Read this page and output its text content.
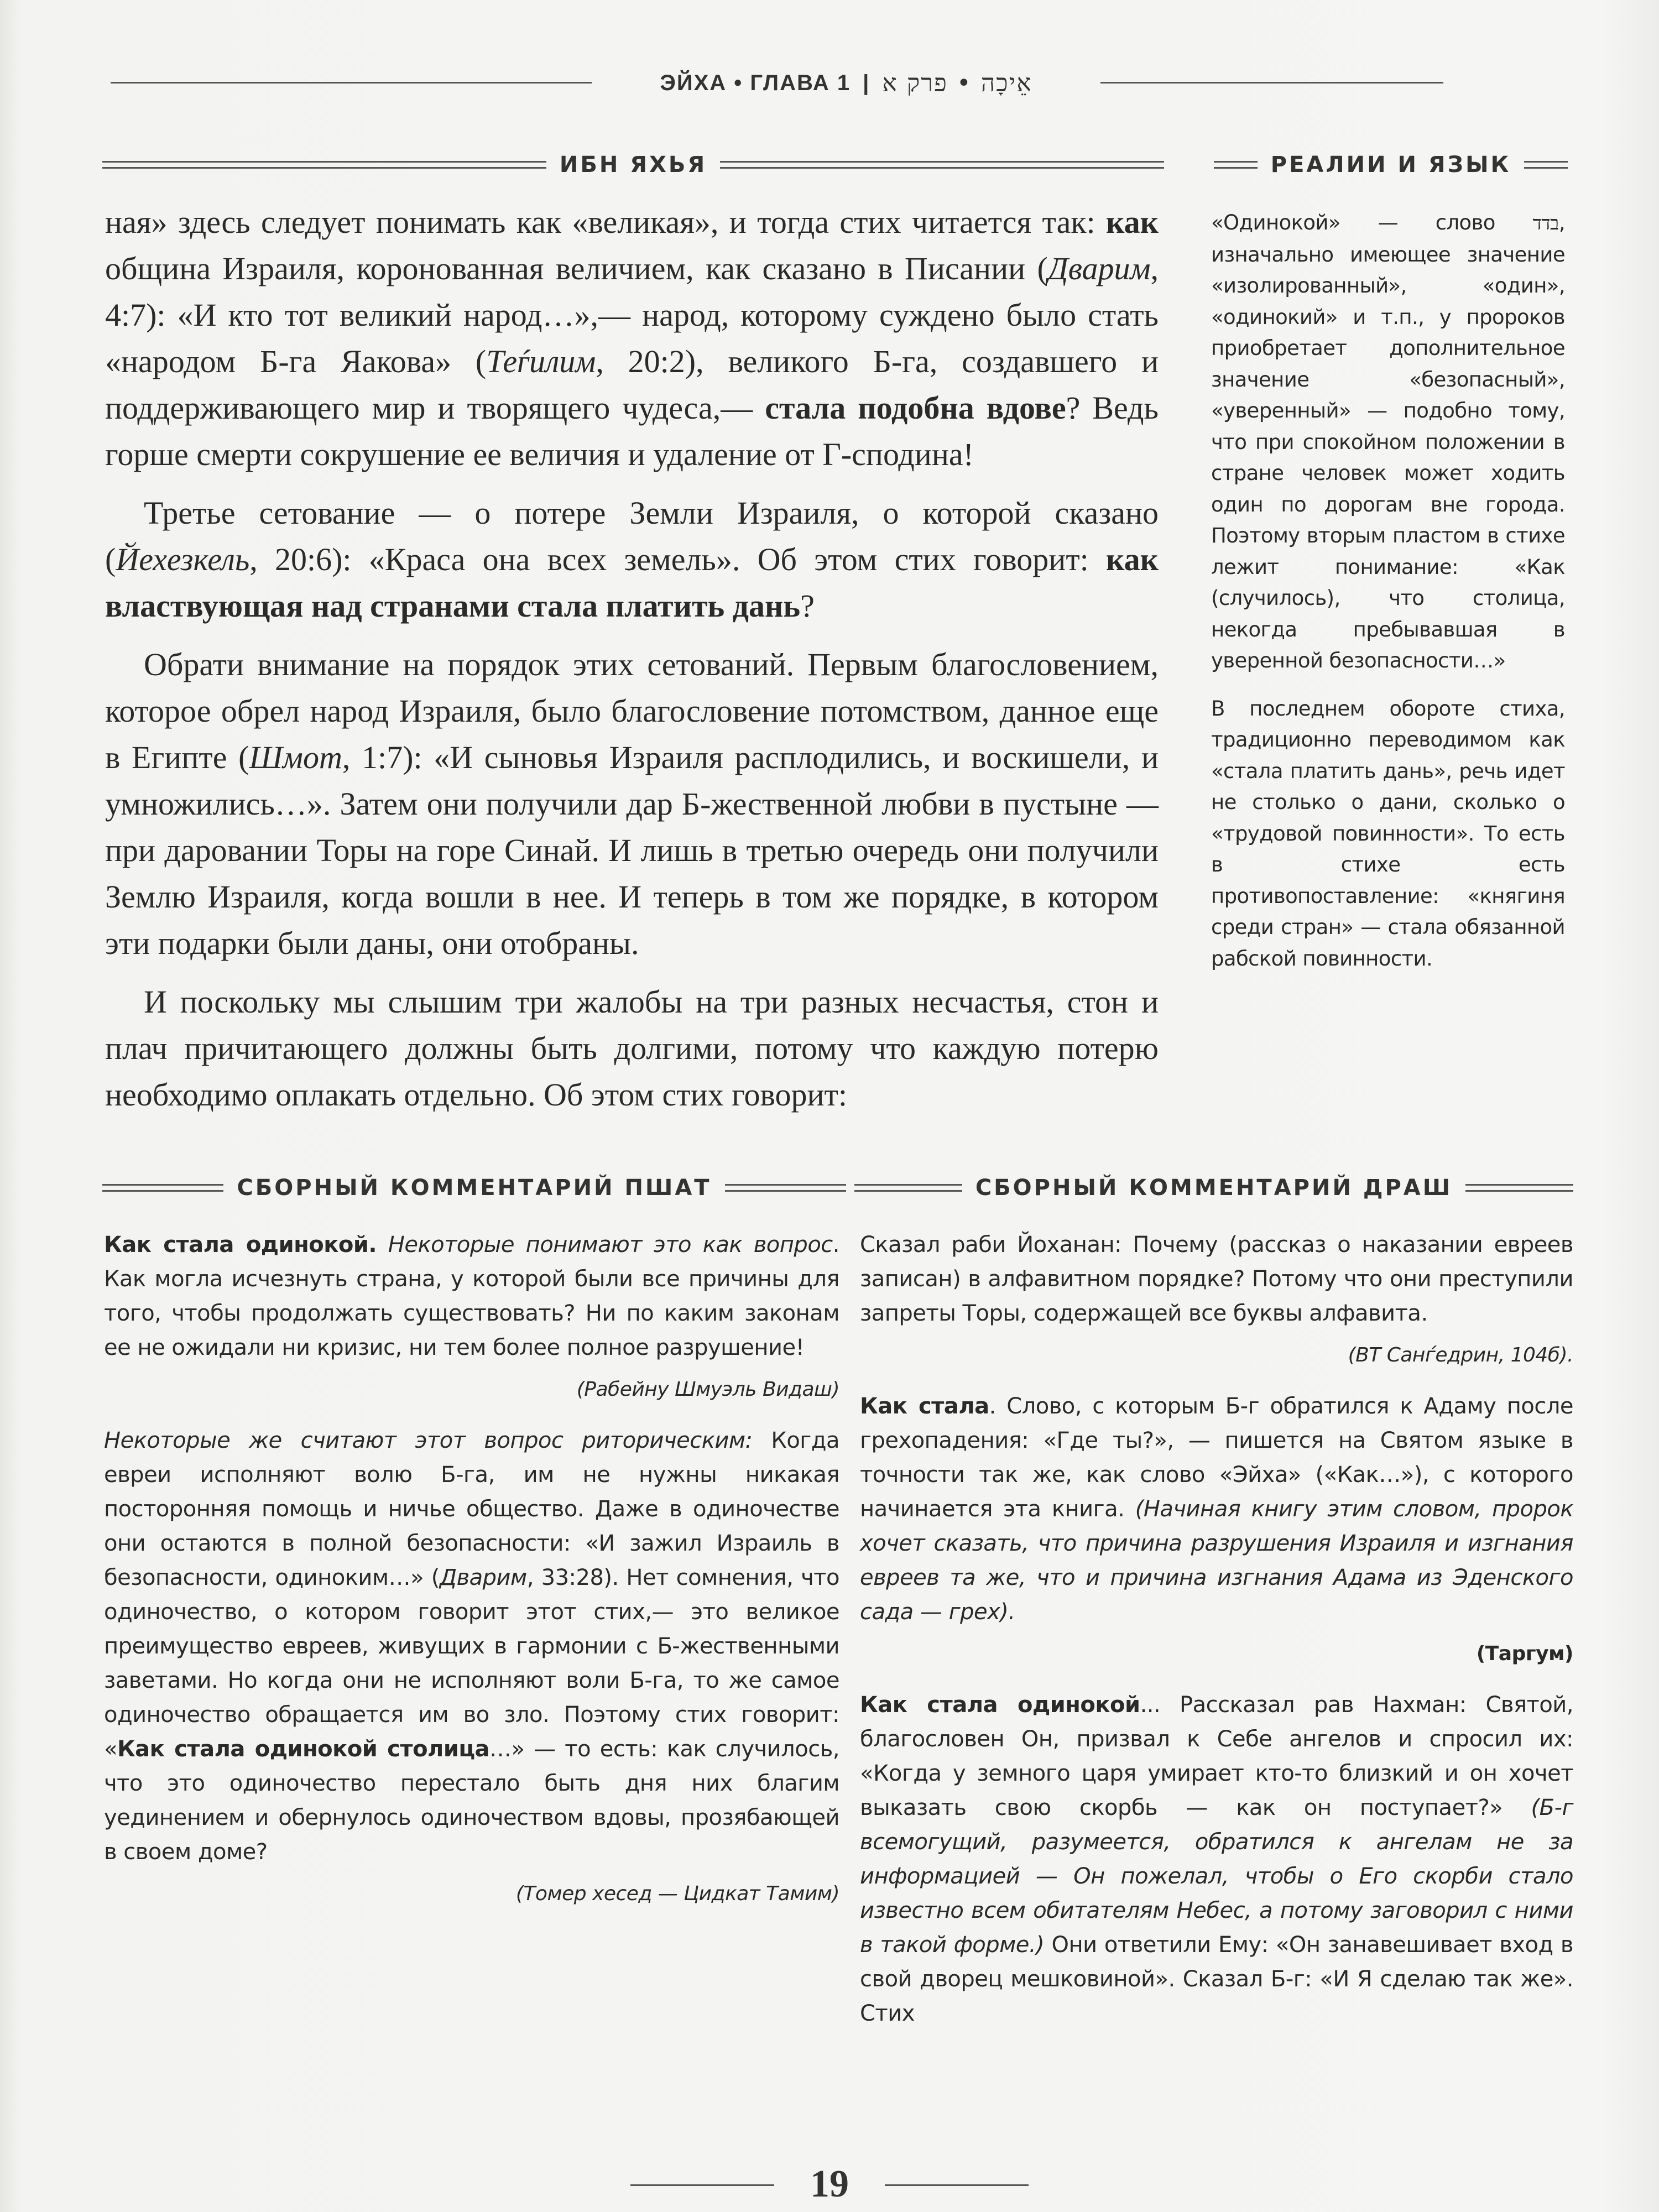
ЭЙХА • ГЛАВА 1 | אֵיכָה • פרק א
ИБН ЯХЬЯ	РЕАЛИИ И ЯЗЫК

ная» здесь следует понимать как «великая», и тогда стих читается так: как община Израиля, коронованная величием, как сказано в Писании (Дварим, 4:7): «И кто тот великий народ…»,— народ, которому суждено было стать «народом Б-га Яакова» (Теѓилим, 20:2), великого Б-га, создавшего и поддерживающего мир и творящего чудеса,— стала подобна вдове? Ведь горше смерти сокрушение ее величия и удаление от Г-сподина!

Третье сетование — о потере Земли Израиля, о которой сказано (Йехезкель, 20:6): «Краса она всех земель». Об этом стих говорит: как властвующая над странами стала платить дань?

Обрати внимание на порядок этих сетований. Первым благословением, которое обрел народ Израиля, было благословение потомством, данное еще в Египте (Шмот, 1:7): «И сыновья Израиля расплодились, и воскишели, и умножились…». Затем они получили дар Б-жественной любви в пустыне — при даровании Торы на горе Синай. И лишь в третью очередь они получили Землю Израиля, когда вошли в нее. И теперь в том же порядке, в котором эти подарки были даны, они отобраны.

И поскольку мы слышим три жалобы на три разных несчастья, стон и плач причитающего должны быть долгими, потому что каждую потерю необходимо оплакать отдельно. Об этом стих говорит:

«Одинокой» — слово בדד, изначально имеющее значение «изолированный», «один», «одинокий» и т.п., у пророков приобретает дополнительное значение «безопасный», «уверенный» — подобно тому, что при спокойном положении в стране человек может ходить один по дорогам вне города. Поэтому вторым пластом в стихе лежит понимание: «Как (случилось), что столица, некогда пребывавшая в уверенной безопасности…»

В последнем обороте стиха, традиционно переводимом как «стала платить дань», речь идет не столько о дани, сколько о «трудовой повинности». То есть в стихе есть противопоставление: «княгиня среди стран» — стала обязанной рабской повинности.

СБОРНЫЙ КОММЕНТАРИЙ ПШАТ	СБОРНЫЙ КОММЕНТАРИЙ ДРАШ

Как стала одинокой. Некоторые понимают это как вопрос. Как могла исчезнуть страна, у которой были все причины для того, чтобы продолжать существовать? Ни по каким законам ее не ожидали ни кризис, ни тем более полное разрушение!

(Рабейну Шмуэль Видаш)

Некоторые же считают этот вопрос риторическим: Когда евреи исполняют волю Б-га, им не нужны никакая посторонняя помощь и ничье общество. Даже в одиночестве они остаются в полной безопасности: «И зажил Израиль в безопасности, одиноким…» (Дварим, 33:28). Нет сомнения, что одиночество, о котором говорит этот стих,— это великое преимущество евреев, живущих в гармонии с Б-жественными заветами. Но когда они не исполняют воли Б-га, то же самое одиночество обращается им во зло. Поэтому стих говорит: «Как стала одинокой столица…» — то есть: как случилось, что это одиночество перестало быть дня них благим уединением и обернулось одиночеством вдовы, прозябающей в своем доме?

(Томер хесед — Цидкат Тамим)

Сказал раби Йоханан: Почему (рассказ о наказании евреев записан) в алфавитном порядке? Потому что они преступили запреты Торы, содержащей все буквы алфавита.

(ВТ Санѓедрин, 104б).

Как стала. Слово, с которым Б-г обратился к Адаму после грехопадения: «Где ты?», — пишется на Святом языке в точности так же, как слово «Эйха» («Как…»), с которого начинается эта книга. (Начиная книгу этим словом, пророк хочет сказать, что причина разрушения Израиля и изгнания евреев та же, что и причина изгнания Адама из Эденского сада — грех).

(Таргум)

Как стала одинокой... Рассказал рав Нахман: Святой, благословен Он, призвал к Себе ангелов и спросил их: «Когда у земного царя умирает кто-то близкий и он хочет выказать свою скорбь — как он поступает?» (Б-г всемогущий, разумеется, обратился к ангелам не за информацией — Он пожелал, чтобы о Его скорби стало известно всем обитателям Небес, а потому заговорил с ними в такой форме.) Они ответили Ему: «Он занавешивает вход в свой дворец мешковиной». Сказал Б-г: «И Я сделаю так же». Стих

19
